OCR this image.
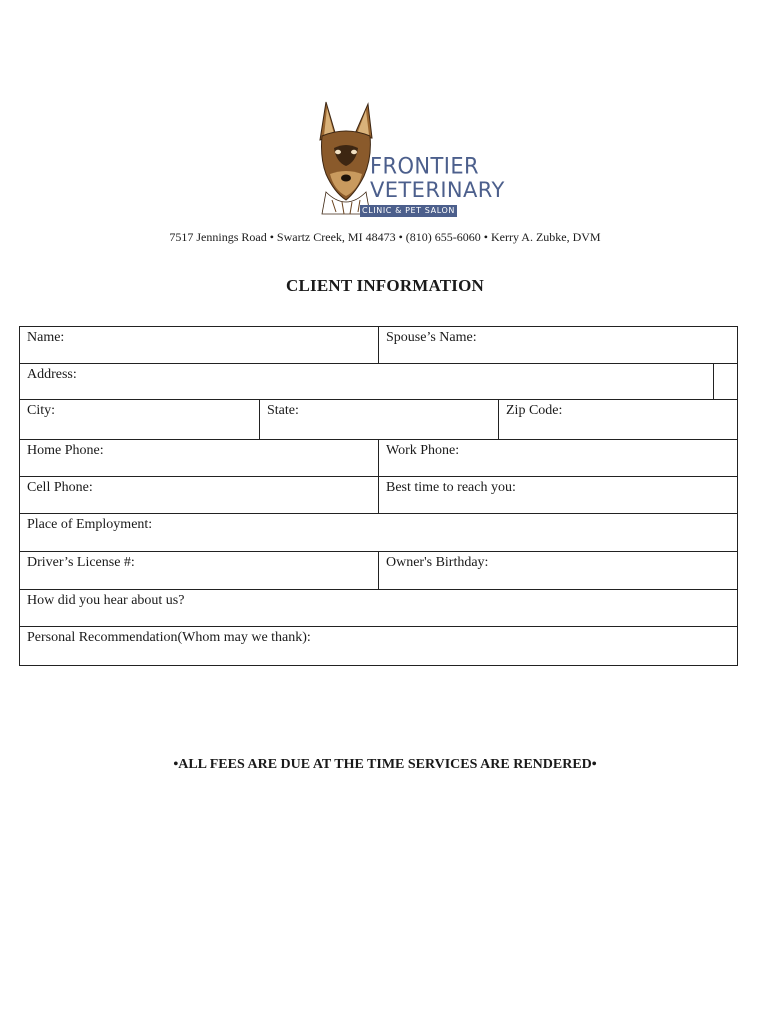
FRONTIER
VETERINARY
CLINIC & PET SALON
7517 Jennings Road • Swartz Creek, MI 48473 • (810) 655-6060 • Kerry A. Zubke, DVM
CLIENT INFORMATION
Name:	Spouse’s Name:
Address:
City:	State:	Zip Code:
Home Phone:	Work Phone:
Cell Phone:	Best time to reach you:
Place of Employment:
Driver’s License #:	Owner's Birthday:
How did you hear about us?
Personal Recommendation(Whom may we thank):
•ALL FEES ARE DUE AT THE TIME SERVICES ARE RENDERED•
